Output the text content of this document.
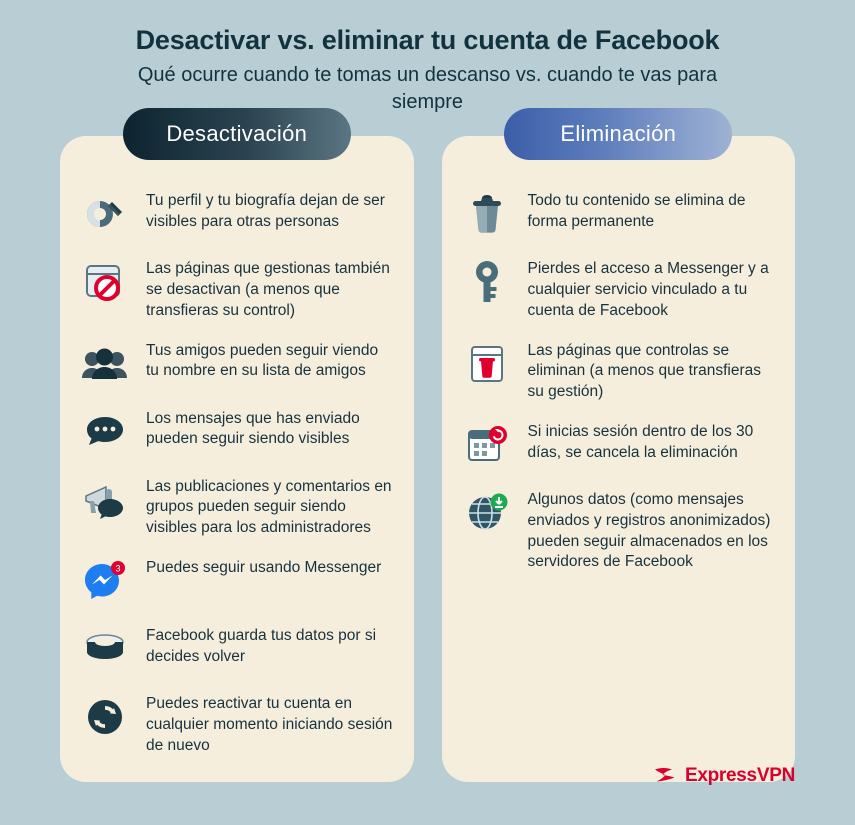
Desactivar vs. eliminar tu cuenta de Facebook
Qué ocurre cuando te tomas un descanso vs. cuando te vas para siempre
Desactivación
Tu perfil y tu biografía dejan de ser visibles para otras personas
Las páginas que gestionas también se desactivan (a menos que transfieras su control)
Tus amigos pueden seguir viendo tu nombre en su lista de amigos
Los mensajes que has enviado pueden seguir siendo visibles
Las publicaciones y comentarios en grupos pueden seguir siendo visibles para los administradores
3 Puedes seguir usando Messenger
Facebook guarda tus datos por si decides volver
Puedes reactivar tu cuenta en cualquier momento iniciando sesión de nuevo
Eliminación
Todo tu contenido se elimina de forma permanente
Pierdes el acceso a Messenger y a cualquier servicio vinculado a tu cuenta de Facebook
Las páginas que controlas se eliminan (a menos que transfieras su gestión)
Si inicias sesión dentro de los 30 días, se cancela la eliminación
Algunos datos (como mensajes enviados y registros anonimizados) pueden seguir almacenados en los servidores de Facebook
ExpressVPN
